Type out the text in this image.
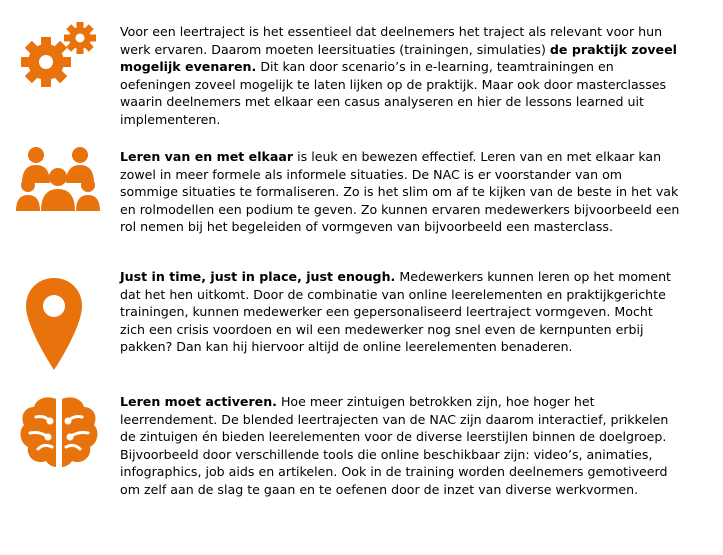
Voor een leertraject is het essentieel dat deelnemers het traject als relevant voor hun werk ervaren. Daarom moeten leersituaties (trainingen, simulaties) de praktijk zoveel mogelijk evenaren. Dit kan door scenario’s in e-learning, teamtrainingen en oefeningen zoveel mogelijk te laten lijken op de praktijk. Maar ook door masterclasses waarin deelnemers met elkaar een casus analyseren en hier de lessons learned uit implementeren.

Leren van en met elkaar is leuk en bewezen effectief. Leren van en met elkaar kan zowel in meer formele als informele situaties. De NAC is er voorstander van om sommige situaties te formaliseren. Zo is het slim om af te kijken van de beste in het vak en rolmodellen een podium te geven. Zo kunnen ervaren medewerkers bijvoorbeeld een rol nemen bij het begeleiden of vormgeven van bijvoorbeeld een masterclass.

Just in time, just in place, just enough. Medewerkers kunnen leren op het moment dat het hen uitkomt. Door de combinatie van online leerelementen en praktijkgerichte trainingen, kunnen medewerker een gepersonaliseerd leertraject vormgeven. Mocht zich een crisis voordoen en wil een medewerker nog snel even de kernpunten erbij pakken? Dan kan hij hiervoor altijd de online leerelementen benaderen.

Leren moet activeren. Hoe meer zintuigen betrokken zijn, hoe hoger het leerrendement. De blended leertrajecten van de NAC zijn daarom interactief, prikkelen de zintuigen én bieden leerelementen voor de diverse leerstijlen binnen de doelgroep. Bijvoorbeeld door verschillende tools die online beschikbaar zijn: video’s, animaties, infographics, job aids en artikelen. Ook in de training worden deelnemers gemotiveerd om zelf aan de slag te gaan en te oefenen door de inzet van diverse werkvormen.
